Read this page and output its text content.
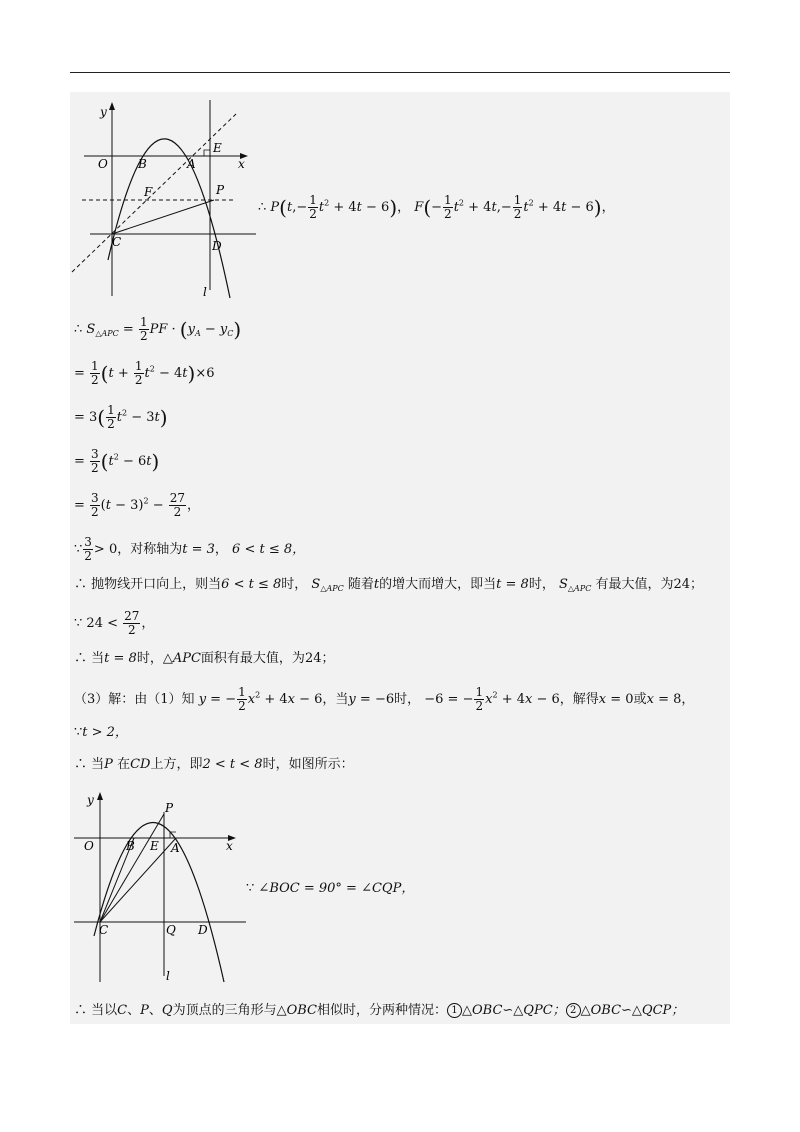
y
x
O	B	A
E
F	P
C	D
l
∴ $P(t,- \frac{1}{2} t^2 + 4t - 6)$， $F(- \frac{1}{2} t^2 + 4t,- \frac{1}{2} t^2 + 4t - 6)$，
∴ $S_{\triangle APC} = \frac{1}{2}$ PF · $(y_A - y_C)$
= $\frac{1}{2} (t + \frac{1}{2} t^2 - 4t)\times 6$
= $3( \frac{1}{2} t^2 - 3t)$
= $\frac{3}{2} (t^2 - 6t)$
= $\frac{3}{2} (t - 3)^2 - \frac{27}{2}$ ，
∵ $\frac{3}{2} > 0$，对称轴为t = 3， 6 < t ≤ 8，
∴ 抛物线开口向上，则当6 < t ≤ 8时， $S_{\triangle APC}$ 随着t的增大而增大，即当t = 8时， $S_{\triangle APC}$ 有最大值，为24；
∵ $24 < \frac{27}{2}$ ，
∴ 当t = 8时，△APC面积有最大值，为24；
（3）解：由（1）知 y = − $\frac{1}{2} x^2 + 4x - 6$，当y = −6时， −6 = − $\frac{1}{2} x^2 + 4x - 6$，解得x = 0或x = 8，
∵t > 2，
∴ 当P 在CD上方，即2 < t < 8时，如图所示：
y
x
O	B E A
P
C	Q D
l
∵ ∠BOC = 90° = ∠CQP，
∴ 当以C、P、Q为顶点的三角形与△OBC相似时，分两种情况： 1 △OBC∽△QPC； 2 △OBC∽△QCP；
